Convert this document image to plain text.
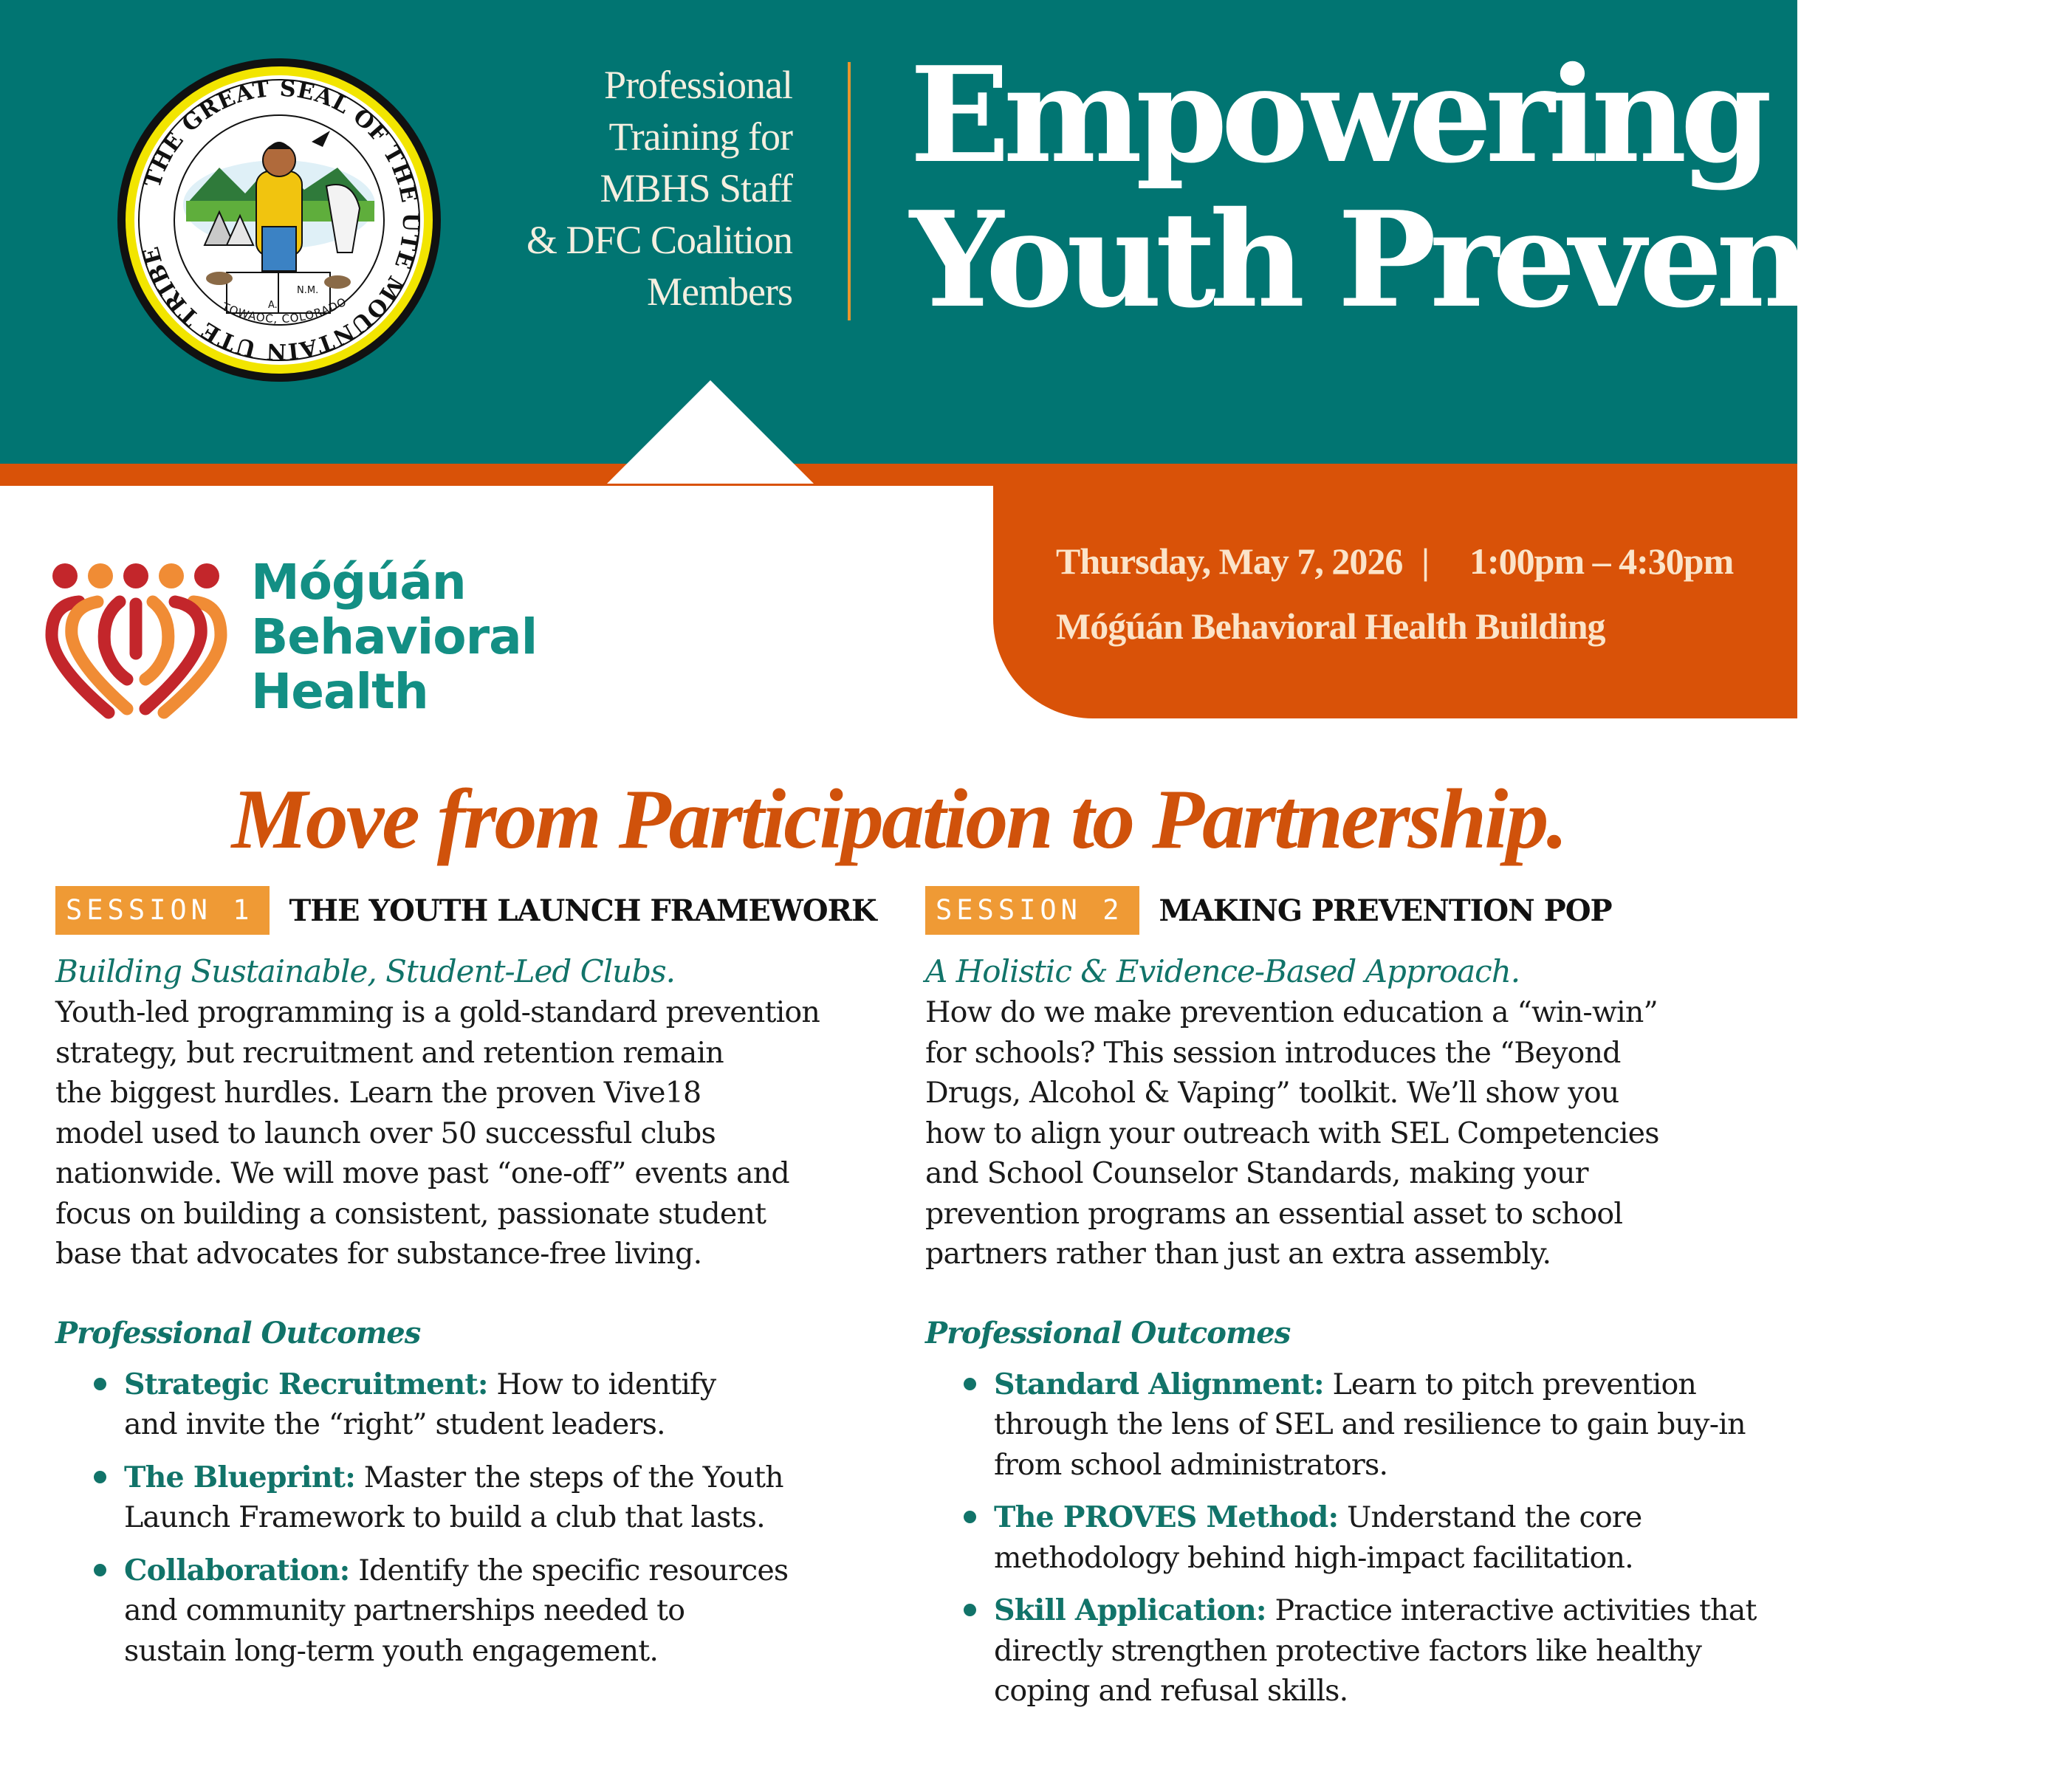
THE GREAT SEAL OF THE UTE MOUNTAIN UTE TRIBE
TOWAOC, COLORADO
A.
N.M.
Professional
Training for
MBHS Staff
& DFC Coalition
Members
Empowering
Youth Prevention
Móǵúán
Behavioral
Health
Thursday, May 7, 2026 | 1:00pm – 4:30pm
Móǵúán Behavioral Health Building
Move from Participation to Partnership.
SESSION 1	THE YOUTH LAUNCH FRAMEWORK
Building Sustainable, Student-Led Clubs.
Youth-led programming is a gold-standard prevention
strategy, but recruitment and retention remain
the biggest hurdles. Learn the proven Vive18
model used to launch over 50 successful clubs
nationwide. We will move past “one-off” events and
focus on building a consistent, passionate student
base that advocates for substance-free living.
Professional Outcomes
Strategic Recruitment: How to identify
and invite the “right” student leaders.
The Blueprint: Master the steps of the Youth
Launch Framework to build a club that lasts.
Collaboration: Identify the specific resources
and community partnerships needed to
sustain long-term youth engagement.
SESSION 2	MAKING PREVENTION POP
A Holistic & Evidence-Based Approach.
How do we make prevention education a “win-win”
for schools? This session introduces the “Beyond
Drugs, Alcohol & Vaping” toolkit. We’ll show you
how to align your outreach with SEL Competencies
and School Counselor Standards, making your
prevention programs an essential asset to school
partners rather than just an extra assembly.
Professional Outcomes
Standard Alignment: Learn to pitch prevention
through the lens of SEL and resilience to gain buy-in
from school administrators.
The PROVES Method: Understand the core
methodology behind high-impact facilitation.
Skill Application: Practice interactive activities that
directly strengthen protective factors like healthy
coping and refusal skills.
